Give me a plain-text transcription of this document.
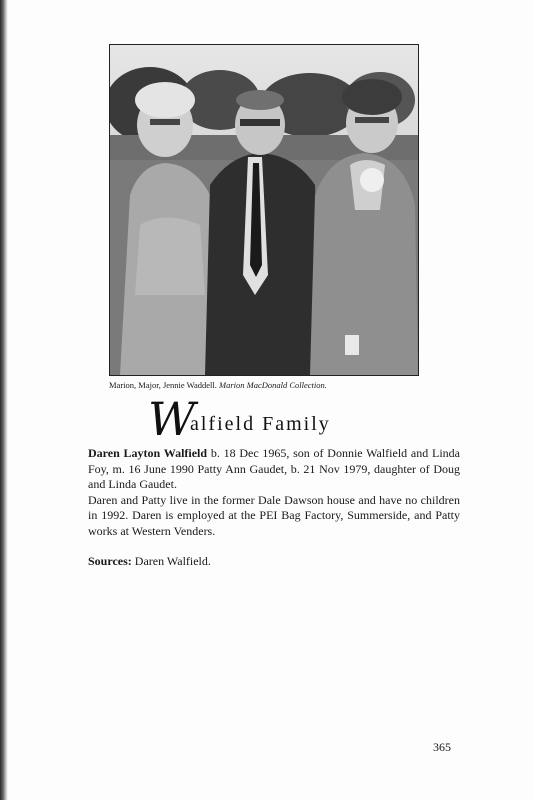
Marion, Major, Jennie Waddell. Marion MacDonald Collection.
W
alfield Family

Daren Layton Walfield b. 18 Dec 1965, son of Donnie Walfield and Linda Foy, m. 16 June 1990 Patty Ann Gaudet, b. 21 Nov 1979, daughter of Doug and Linda Gaudet.

Daren and Patty live in the former Dale Dawson house and have no children in 1992. Daren is employed at the PEI Bag Factory, Summerside, and Patty works at Western Venders.

Sources: Daren Walfield.

365
